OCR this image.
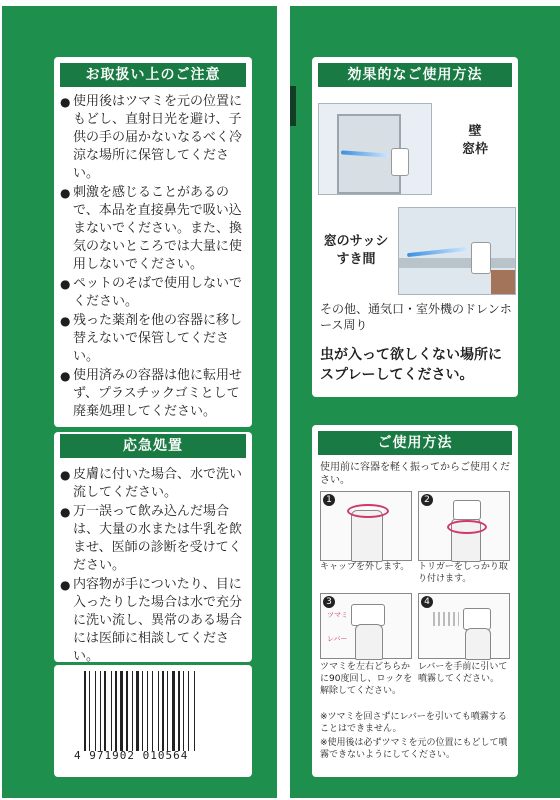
お取扱い上のご注意
● 使用後はツマミを元の位置にもどし、直射日光を避け、子供の手の届かないなるべく冷涼な場所に保管してください。
● 刺激を感じることがあるので、本品を直接鼻先で吸い込まないでください。また、換気のないところでは大量に使用しないでください。
● ペットのそばで使用しないでください。
● 残った薬剤を他の容器に移し替えないで保管してください。
● 使用済みの容器は他に転用せず、プラスチックゴミとして廃棄処理してください。
応急処置
● 皮膚に付いた場合、水で洗い流してください。
● 万一誤って飲み込んだ場合は、大量の水または牛乳を飲ませ、医師の診断を受けてください。
● 内容物が手についたり、目に入ったりした場合は水で充分に洗い流し、異常のある場合には医師に相談してください。
4 971902 010564
効果的なご使用方法
壁
窓枠
窓のサッシ
すき間
その他、通気口・室外機のドレンホース周り
虫が入って欲しくない場所にスプレーしてください。
ご使用方法
使用前に容器を軽く振ってからご使用ください。
1
キャップを外します。
2
トリガーをしっかり取り付けます。
3
ツマミ
レバー
ツマミを左右どちらかに90度回し、ロックを解除してください。
4
レバーを手前に引いて噴霧してください。
※ツマミを回さずにレバーを引いても噴霧することはできません。
※使用後は必ずツマミを元の位置にもどして噴霧できないようにしてください。
